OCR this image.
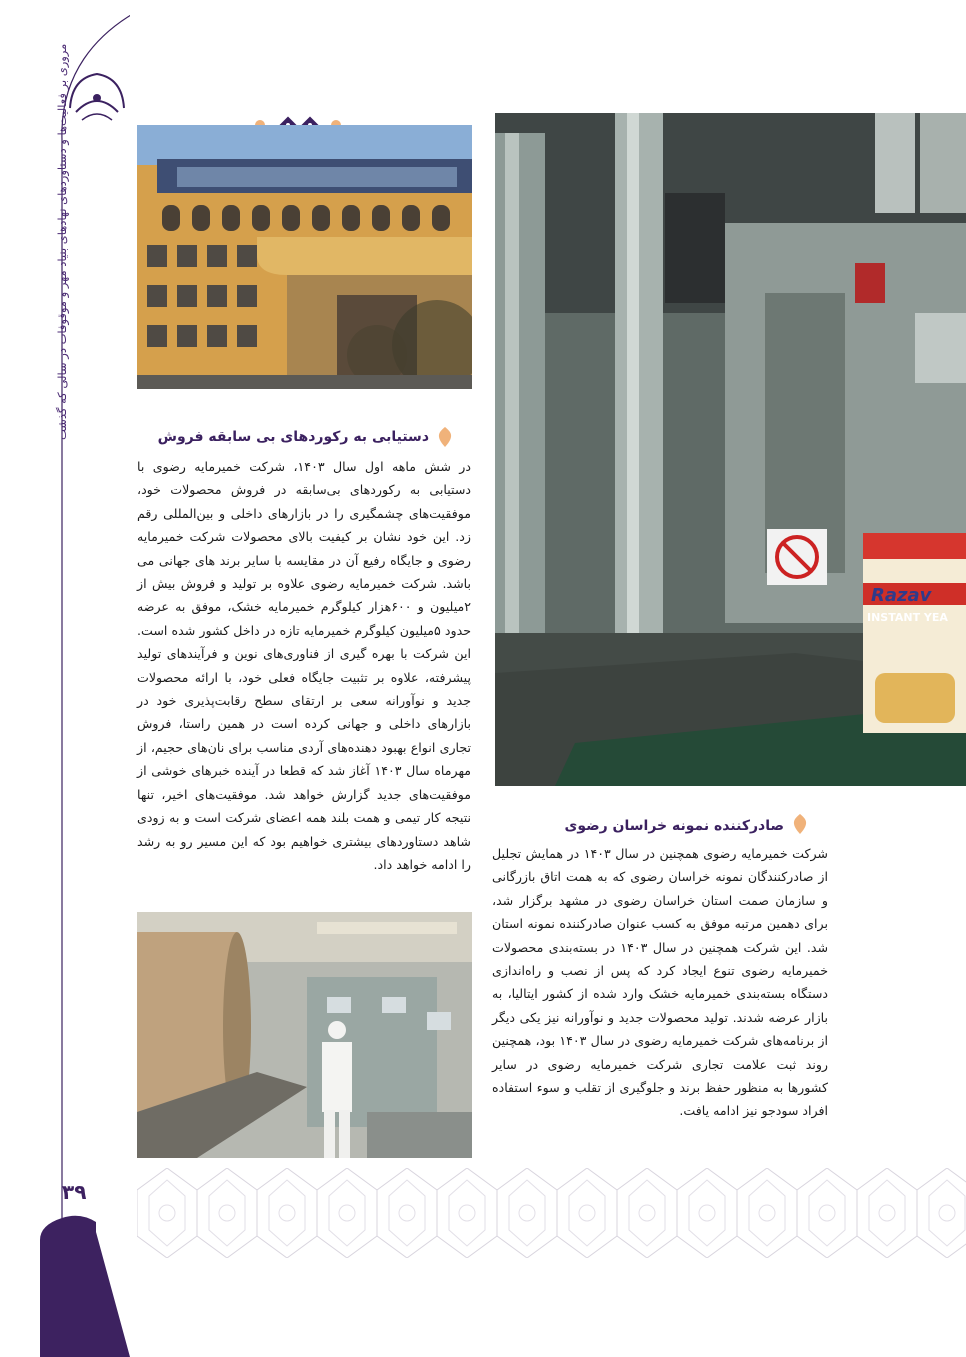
مروری بر فعالیت‌ها و دستاوردهای نهادهای بنیاد مهر و موقوفات در سالی که گذشت
۳۹
Razav
INSTANT YEA
دستیابی به رکوردهای بی سابقه فروش
در شش ماهه اول سال ۱۴۰۳، شرکت خمیرمایه رضوی با دستیابی به رکوردهای بی‌سابقه در فروش محصولات خود، موفقیت‌های چشمگیری را در بازارهای داخلی و بین‌المللی رقم زد. این خود نشان بر کیفیت بالای محصولات شرکت خمیرمایه رضوی و جایگاه رفیع آن در مقایسه با سایر برند های جهانی می باشد. شرکت خمیرمایه رضوی علاوه بر تولید و فروش بیش از ۲میلیون و ۶۰۰هزار کیلوگرم خمیرمایه خشک، موفق به عرضه حدود ۵میلیون کیلوگرم خمیرمایه تازه در داخل کشور شده است. این شرکت با بهره گیری از فناوری‌های نوین و فرآیندهای تولید پیشرفته، علاوه بر تثبیت جایگاه فعلی خود، با ارائه محصولات جدید و نوآورانه سعی بر ارتقای سطح رقابت‌پذیری خود در بازارهای داخلی و جهانی کرده است در همین راستا، فروش تجاری انواع بهبود دهنده‌های آردی مناسب برای نان‌های حجیم، از مهرماه سال ۱۴۰۳ آغاز شد که قطعا در آینده خبرهای خوشی از موفقیت‌های جدید گزارش خواهد شد. موفقیت‌های اخیر، تنها نتیجه کار تیمی و همت بلند همه اعضای شرکت است و به زودی شاهد دستاوردهای بیشتری خواهیم بود که این مسیر رو به رشد را ادامه خواهد داد.
صادرکننده نمونه خراسان رضوی
شرکت خمیرمایه رضوی همچنین در سال ۱۴۰۳ در همایش تجلیل از صادرکنندگان نمونه خراسان رضوی که به همت اتاق بازرگانی و سازمان صمت استان خراسان رضوی در مشهد برگزار شد، برای دهمین مرتبه موفق به کسب عنوان صادرکننده نمونه استان شد. این شرکت همچنین در سال ۱۴۰۳ در بسته‌بندی محصولات خمیرمایه رضوی تنوع ایجاد کرد که پس از نصب و راه‌اندازی دستگاه بسته‌بندی خمیرمایه خشک وارد شده از کشور ایتالیا، به بازار عرضه شدند. تولید محصولات جدید و نوآورانه نیز یکی دیگر از برنامه‌های شرکت خمیرمایه رضوی در سال ۱۴۰۳ بود، همچنین روند ثبت علامت تجاری شرکت خمیرمایه رضوی در سایر کشورها به منظور حفظ برند و جلوگیری از تقلب و سوء استفاده افراد سودجو نیز ادامه یافت.
